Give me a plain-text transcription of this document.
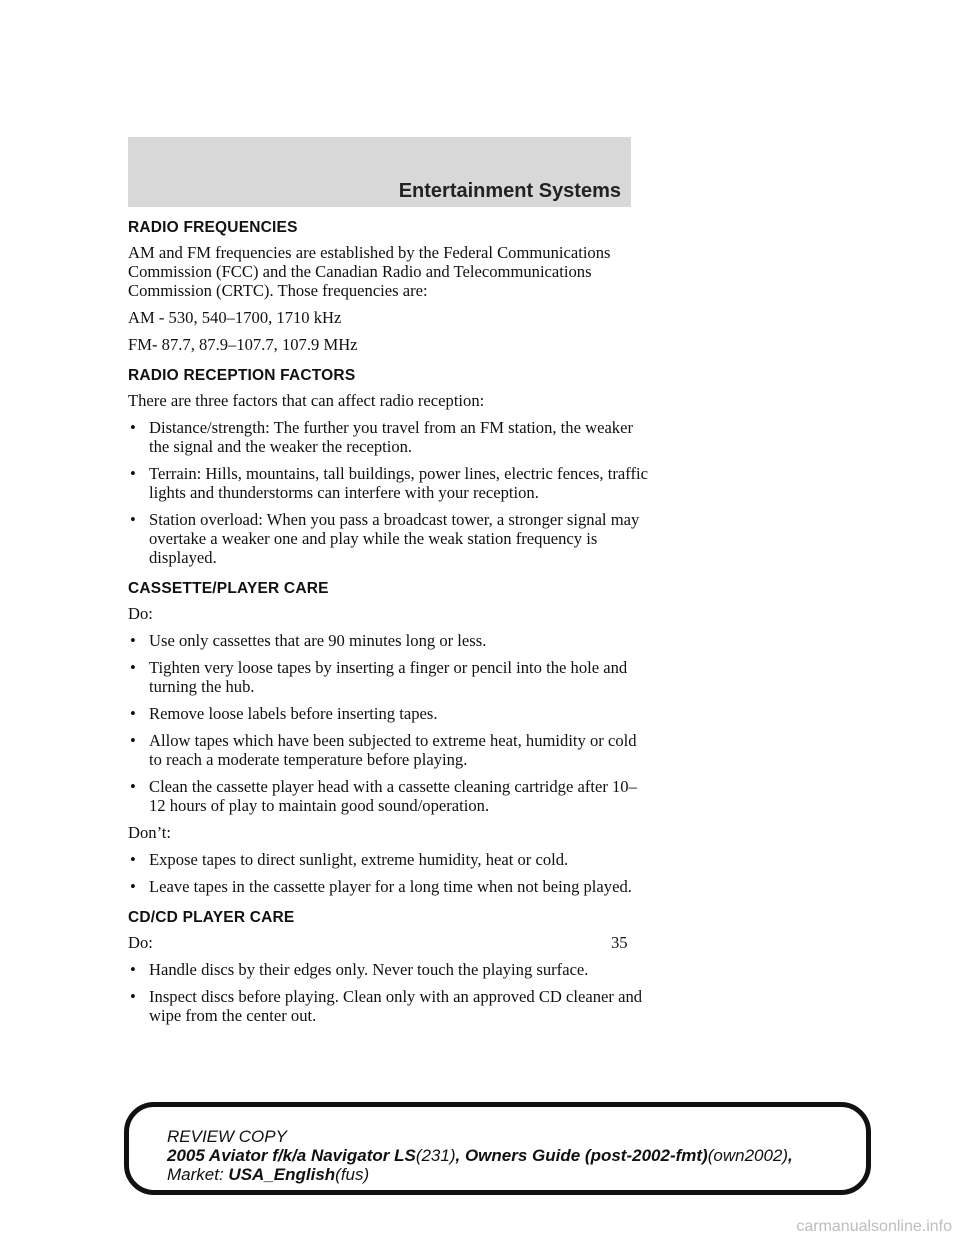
Entertainment Systems
RADIO FREQUENCIES

AM and FM frequencies are established by the Federal Communications Commission (FCC) and the Canadian Radio and Telecommunications Commission (CRTC). Those frequencies are:

AM - 530, 540–1700, 1710 kHz

FM- 87.7, 87.9–107.7, 107.9 MHz

RADIO RECEPTION FACTORS

There are three factors that can affect radio reception:

• Distance/strength: The further you travel from an FM station, the weaker the signal and the weaker the reception.
• Terrain: Hills, mountains, tall buildings, power lines, electric fences, traffic lights and thunderstorms can interfere with your reception.
• Station overload: When you pass a broadcast tower, a stronger signal may overtake a weaker one and play while the weak station frequency is displayed.
CASSETTE/PLAYER CARE

Do:

• Use only cassettes that are 90 minutes long or less.
• Tighten very loose tapes by inserting a finger or pencil into the hole and turning the hub.
• Remove loose labels before inserting tapes.
• Allow tapes which have been subjected to extreme heat, humidity or cold to reach a moderate temperature before playing.
• Clean the cassette player head with a cassette cleaning cartridge after 10–12 hours of play to maintain good sound/operation.

Don’t:

• Expose tapes to direct sunlight, extreme humidity, heat or cold.
• Leave tapes in the cassette player for a long time when not being played.
CD/CD PLAYER CARE

Do:

• Handle discs by their edges only. Never touch the playing surface.
• Inspect discs before playing. Clean only with an approved CD cleaner and wipe from the center out.
35
REVIEW COPY
2005 Aviator f/k/a Navigator LS(231), Owners Guide (post-2002-fmt)(own2002),
Market: USA_English(fus)
carmanualsonline.info
